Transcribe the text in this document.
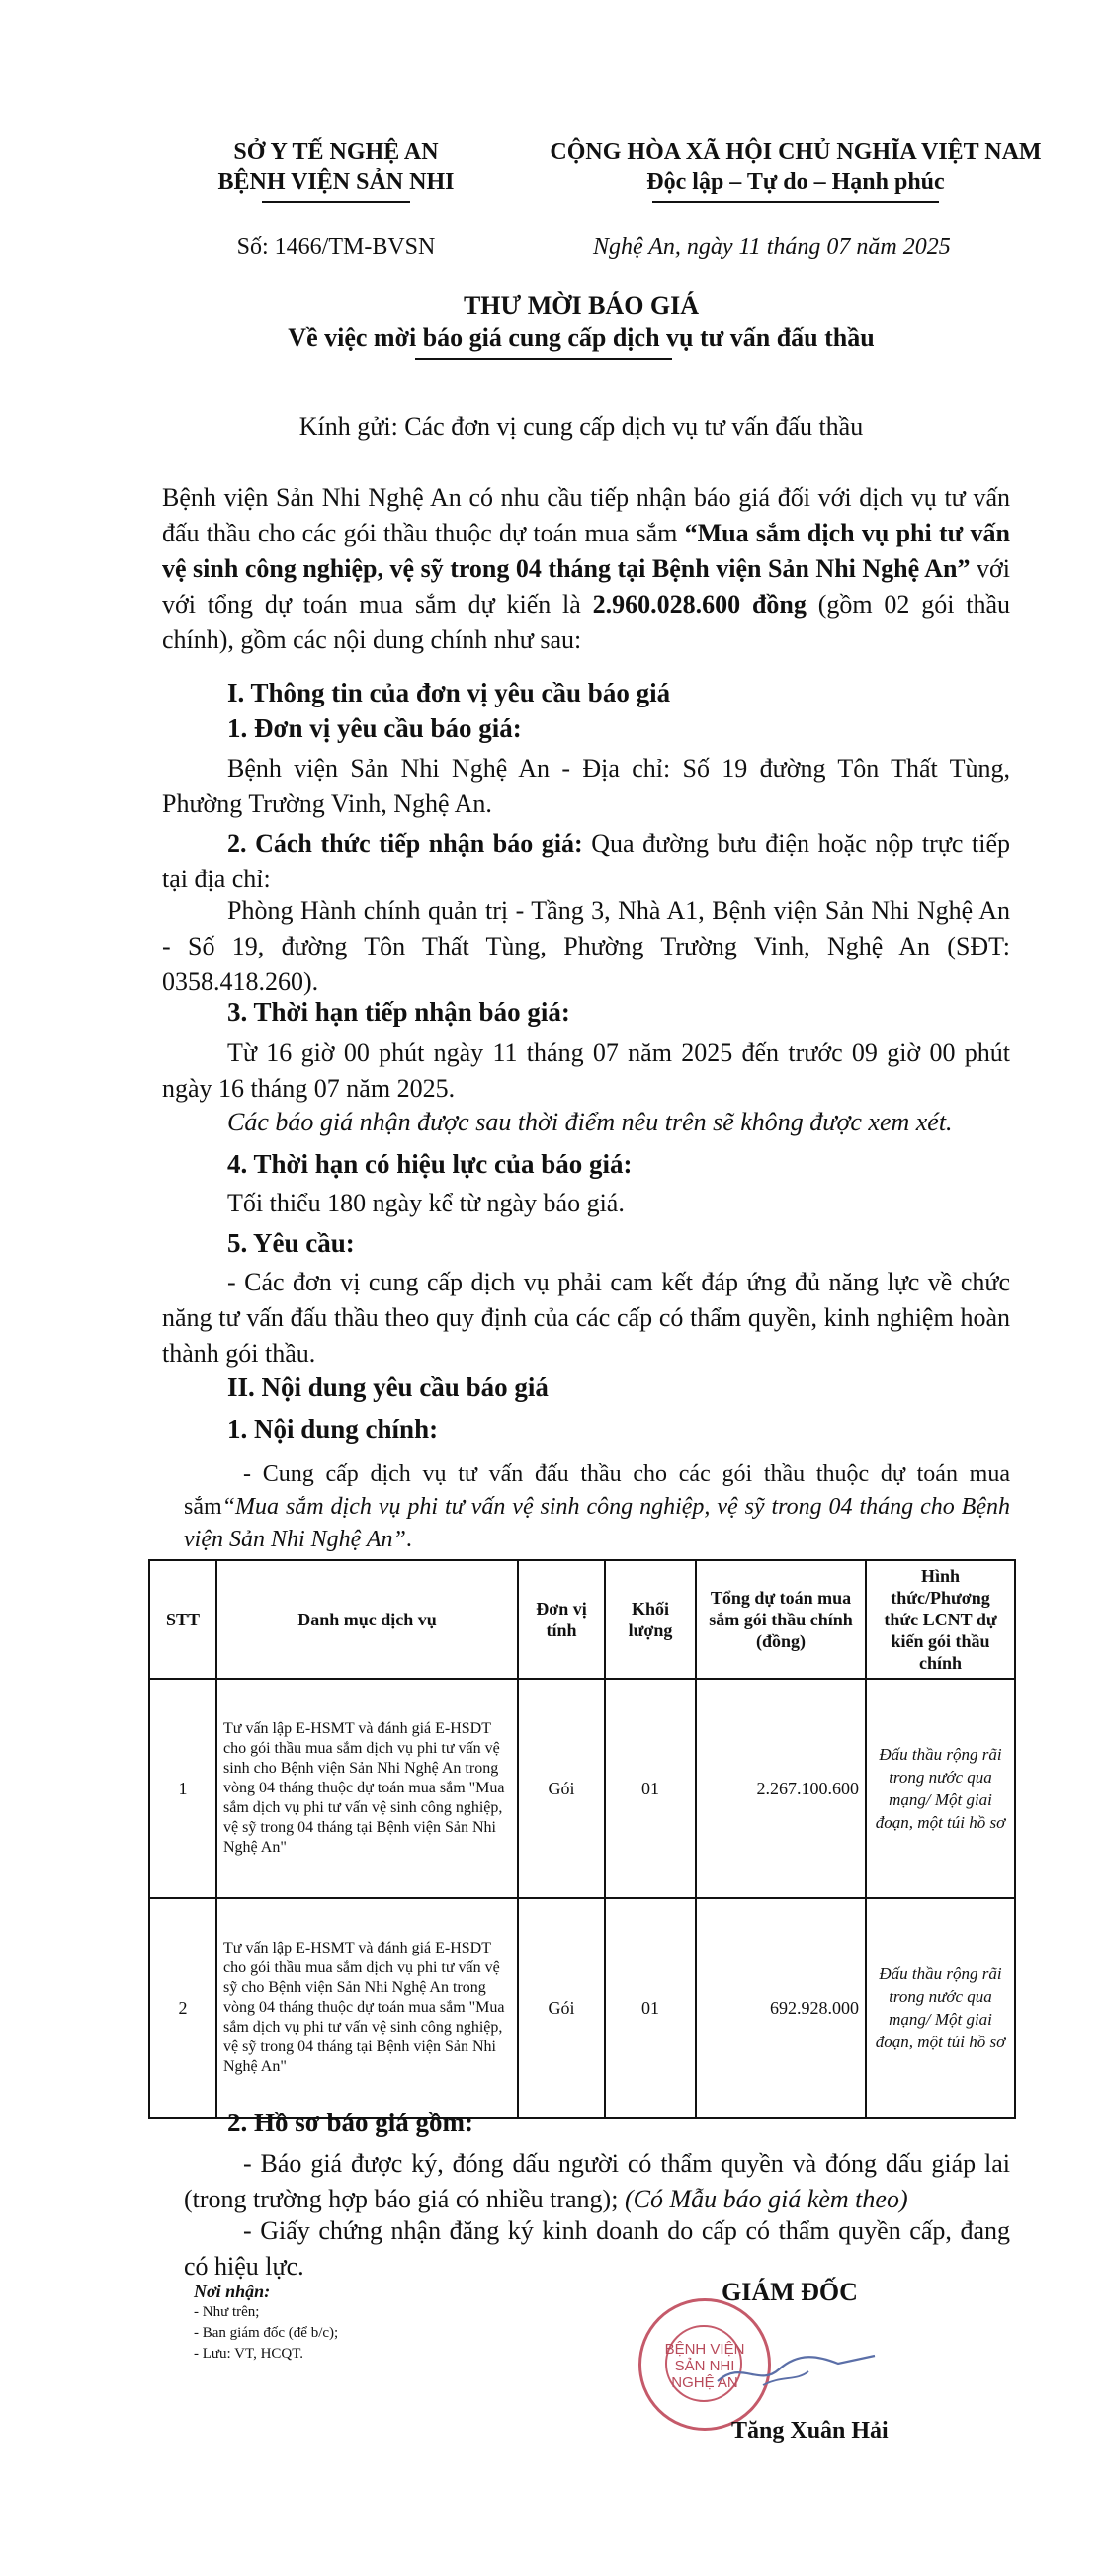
SỞ Y TẾ NGHỆ AN
BỆNH VIỆN SẢN NHI
CỘNG HÒA XÃ HỘI CHỦ NGHĨA VIỆT NAM
Độc lập – Tự do – Hạnh phúc
Số: 1466/TM-BVSN	Nghệ An, ngày 11 tháng 07 năm 2025
THƯ MỜI BÁO GIÁ
Về việc mời báo giá cung cấp dịch vụ tư vấn đấu thầu
Kính gửi: Các đơn vị cung cấp dịch vụ tư vấn đấu thầu
Bệnh viện Sản Nhi Nghệ An có nhu cầu tiếp nhận báo giá đối với dịch vụ tư vấn đấu thầu cho các gói thầu thuộc dự toán mua sắm “Mua sắm dịch vụ phi tư vấn vệ sinh công nghiệp, vệ sỹ trong 04 tháng tại Bệnh viện Sản Nhi Nghệ An” với với tổng dự toán mua sắm dự kiến là 2.960.028.600 đồng (gồm 02 gói thầu chính), gồm các nội dung chính như sau:
I. Thông tin của đơn vị yêu cầu báo giá
1. Đơn vị yêu cầu báo giá:
Bệnh viện Sản Nhi Nghệ An - Địa chỉ: Số 19 đường Tôn Thất Tùng, Phường Trường Vinh, Nghệ An.
2. Cách thức tiếp nhận báo giá: Qua đường bưu điện hoặc nộp trực tiếp tại địa chỉ:
Phòng Hành chính quản trị - Tầng 3, Nhà A1, Bệnh viện Sản Nhi Nghệ An - Số 19, đường Tôn Thất Tùng, Phường Trường Vinh, Nghệ An (SĐT: 0358.418.260).
3. Thời hạn tiếp nhận báo giá:
Từ 16 giờ 00 phút ngày 11 tháng 07 năm 2025 đến trước 09 giờ 00 phút ngày 16 tháng 07 năm 2025.
Các báo giá nhận được sau thời điểm nêu trên sẽ không được xem xét.
4. Thời hạn có hiệu lực của báo giá:
Tối thiểu 180 ngày kể từ ngày báo giá.
5. Yêu cầu:
- Các đơn vị cung cấp dịch vụ phải cam kết đáp ứng đủ năng lực về chức năng tư vấn đấu thầu theo quy định của các cấp có thẩm quyền, kinh nghiệm hoàn thành gói thầu.
II. Nội dung yêu cầu báo giá
1. Nội dung chính:
- Cung cấp dịch vụ tư vấn đấu thầu cho các gói thầu thuộc dự toán mua sắm“Mua sắm dịch vụ phi tư vấn vệ sinh công nghiệp, vệ sỹ trong 04 tháng cho Bệnh viện Sản Nhi Nghệ An”.
STT	Danh mục dịch vụ	Đơn vị tính	Khối lượng	Tổng dự toán mua sắm gói thầu chính (đồng)	Hình thức/Phương thức LCNT dự kiến gói thầu chính
1	Tư vấn lập E-HSMT và đánh giá E-HSDT cho gói thầu mua sắm dịch vụ phi tư vấn vệ sinh cho Bệnh viện Sản Nhi Nghệ An trong vòng 04 tháng thuộc dự toán mua sắm "Mua sắm dịch vụ phi tư vấn vệ sinh công nghiệp, vệ sỹ trong 04 tháng tại Bệnh viện Sản Nhi Nghệ An"	Gói	01	2.267.100.600	Đấu thầu rộng rãi trong nước qua mạng/ Một giai đoạn, một túi hồ sơ
2	Tư vấn lập E-HSMT và đánh giá E-HSDT cho gói thầu mua sắm dịch vụ phi tư vấn vệ sỹ cho Bệnh viện Sản Nhi Nghệ An trong vòng 04 tháng thuộc dự toán mua sắm "Mua sắm dịch vụ phi tư vấn vệ sinh công nghiệp, vệ sỹ trong 04 tháng tại Bệnh viện Sản Nhi Nghệ An"	Gói	01	692.928.000	Đấu thầu rộng rãi trong nước qua mạng/ Một giai đoạn, một túi hồ sơ
2. Hồ sơ báo giá gồm:
- Báo giá được ký, đóng dấu người có thẩm quyền và đóng dấu giáp lai (trong trường hợp báo giá có nhiều trang); (Có Mẫu báo giá kèm theo)
- Giấy chứng nhận đăng ký kinh doanh do cấp có thẩm quyền cấp, đang có hiệu lực.
Nơi nhận:
- Như trên;
- Ban giám đốc (để b/c);
- Lưu: VT, HCQT.
GIÁM ĐỐC
BỆNH VIỆN
SẢN NHI
NGHỆ AN
Tăng Xuân Hải
